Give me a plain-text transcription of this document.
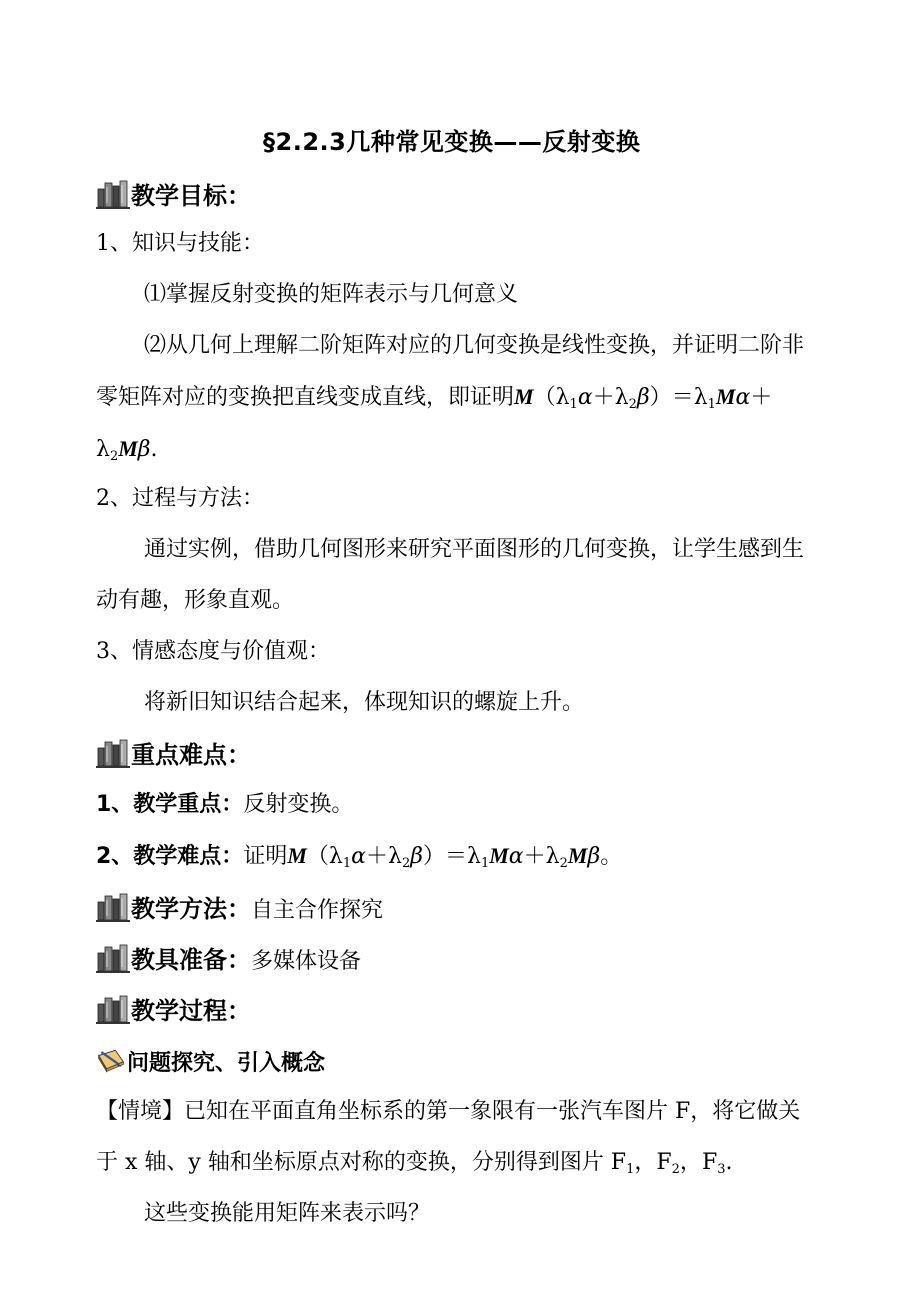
§2.2.3几种常见变换——反射变换
教学目标：
1、知识与技能：
⑴掌握反射变换的矩阵表示与几何意义
⑵从几何上理解二阶矩阵对应的几何变换是线性变换，并证明二阶非
零矩阵对应的变换把直线变成直线，即证明$M(\lambda_1\alpha+\lambda_2\beta)=\lambda_1M\alpha+$
$\lambda_2M\beta$.
2、过程与方法：
通过实例，借助几何图形来研究平面图形的几何变换，让学生感到生
动有趣，形象直观。
3、情感态度与价值观：
将新旧知识结合起来，体现知识的螺旋上升。
重点难点：
1、教学重点：反射变换。
2、教学难点：证明$M(\lambda_1\alpha+\lambda_2\beta)=\lambda_1M\alpha+\lambda_2M\beta$。
教学方法：自主合作探究
教具准备：多媒体设备
教学过程：
问题探究、引入概念
【情境】已知在平面直角坐标系的第一象限有一张汽车图片 F，将它做关
于 x 轴、y 轴和坐标原点对称的变换，分别得到图片 $F_1$，$F_2$，$F_3$.
这些变换能用矩阵来表示吗？
